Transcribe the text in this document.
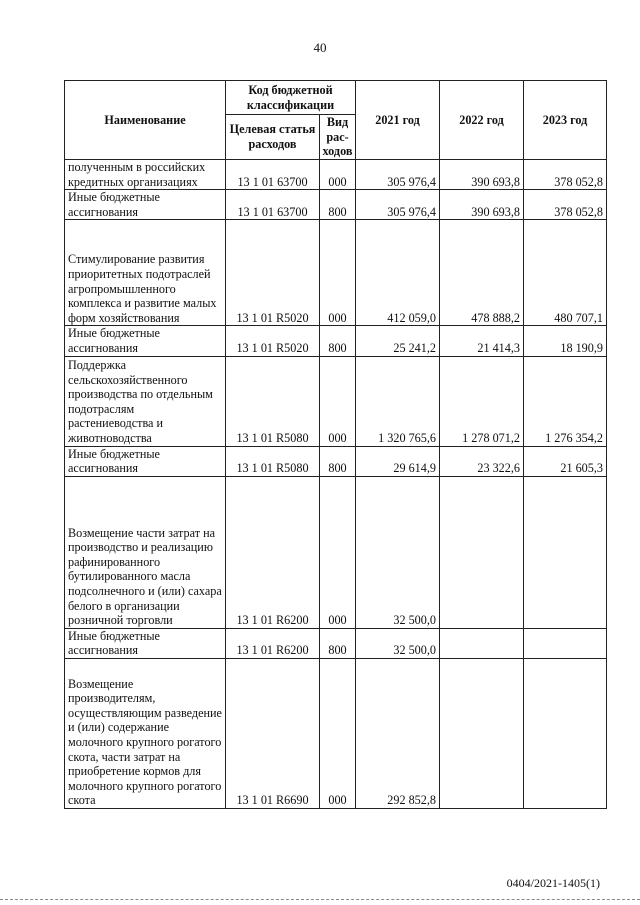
40
Наименование	Код бюджетной классификации		2021 год	2022 год	2023 год
	Целевая статья расходов	Вид рас-ходов			
полученным в российских кредитных организациях	13 1 01 63700	000	305 976,4	390 693,8	378 052,8
Иные бюджетные ассигнования	13 1 01 63700	800	305 976,4	390 693,8	378 052,8
Стимулирование развития приоритетных подотраслей агропромышленного комплекса и развитие малых форм хозяйствования	13 1 01 R5020	000	412 059,0	478 888,2	480 707,1
Иные бюджетные ассигнования	13 1 01 R5020	800	25 241,2	21 414,3	18 190,9
Поддержка сельскохозяйственного производства по отдельным подотраслям растениеводства и животноводства	13 1 01 R5080	000	1 320 765,6	1 278 071,2	1 276 354,2
Иные бюджетные ассигнования	13 1 01 R5080	800	29 614,9	23 322,6	21 605,3
Возмещение части затрат на производство и реализацию рафинированного бутилированного масла подсолнечного и (или) сахара белого в организации розничной торговли	13 1 01 R6200	000	32 500,0		
Иные бюджетные ассигнования	13 1 01 R6200	800	32 500,0		
Возмещение производителям, осуществляющим разведение и (или) содержание молочного крупного рогатого скота, части затрат на приобретение кормов для молочного крупного рогатого скота	13 1 01 R6690	000	292 852,8		
0404/2021-1405(1)
